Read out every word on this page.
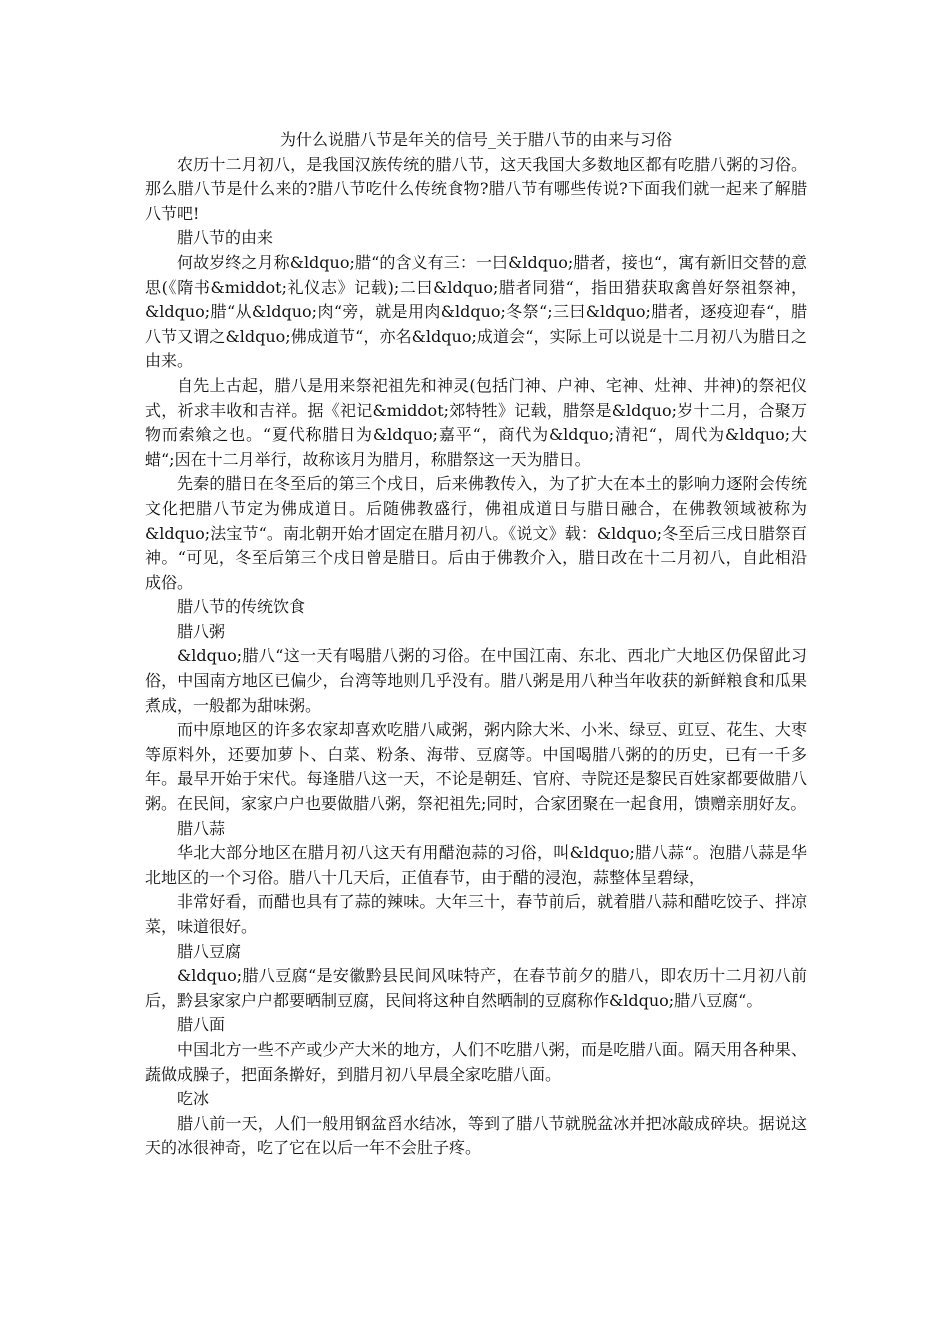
为什么说腊八节是年关的信号_关于腊八节的由来与习俗

农历十二月初八，是我国汉族传统的腊八节，这天我国大多数地区都有吃腊八粥的习俗。那么腊八节是什么来的?腊八节吃什么传统食物?腊八节有哪些传说?下面我们就一起来了解腊八节吧!

腊八节的由来

何故岁终之月称&ldquo;腊“的含义有三：一曰&ldquo;腊者，接也“，寓有新旧交替的意思(《隋书&middot;礼仪志》记载);二曰&ldquo;腊者同猎“，指田猎获取禽兽好祭祖祭神，&ldquo;腊“从&ldquo;肉“旁，就是用肉&ldquo;冬祭“;三曰&ldquo;腊者，逐疫迎春“，腊八节又谓之&ldquo;佛成道节“，亦名&ldquo;成道会“，实际上可以说是十二月初八为腊日之由来。

自先上古起，腊八是用来祭祀祖先和神灵(包括门神、户神、宅神、灶神、井神)的祭祀仪式，祈求丰收和吉祥。据《祀记&middot;郊特牲》记载，腊祭是&ldquo;岁十二月，合聚万物而索飨之也。“夏代称腊日为&ldquo;嘉平“，商代为&ldquo;清祀“，周代为&ldquo;大蜡“;因在十二月举行，故称该月为腊月，称腊祭这一天为腊日。

先秦的腊日在冬至后的第三个戌日，后来佛教传入，为了扩大在本土的影响力逐附会传统文化把腊八节定为佛成道日。后随佛教盛行，佛祖成道日与腊日融合，在佛教领域被称为&ldquo;法宝节“。南北朝开始才固定在腊月初八。《说文》载：&ldquo;冬至后三戌日腊祭百神。“可见，冬至后第三个戌日曾是腊日。后由于佛教介入，腊日改在十二月初八，自此相沿成俗。

腊八节的传统饮食

腊八粥

&ldquo;腊八“这一天有喝腊八粥的习俗。在中国江南、东北、西北广大地区仍保留此习俗，中国南方地区已偏少，台湾等地则几乎没有。腊八粥是用八种当年收获的新鲜粮食和瓜果煮成，一般都为甜味粥。

而中原地区的许多农家却喜欢吃腊八咸粥，粥内除大米、小米、绿豆、豇豆、花生、大枣等原料外，还要加萝卜、白菜、粉条、海带、豆腐等。中国喝腊八粥的的历史，已有一千多年。最早开始于宋代。每逢腊八这一天，不论是朝廷、官府、寺院还是黎民百姓家都要做腊八粥。在民间，家家户户也要做腊八粥，祭祀祖先;同时，合家团聚在一起食用，馈赠亲朋好友。

腊八蒜

华北大部分地区在腊月初八这天有用醋泡蒜的习俗，叫&ldquo;腊八蒜“。泡腊八蒜是华北地区的一个习俗。腊八十几天后，正值春节，由于醋的浸泡，蒜整体呈碧绿，

非常好看，而醋也具有了蒜的辣味。大年三十，春节前后，就着腊八蒜和醋吃饺子、拌凉菜，味道很好。

腊八豆腐

&ldquo;腊八豆腐“是安徽黔县民间风味特产，在春节前夕的腊八，即农历十二月初八前后，黔县家家户户都要晒制豆腐，民间将这种自然晒制的豆腐称作&ldquo;腊八豆腐“。

腊八面

中国北方一些不产或少产大米的地方，人们不吃腊八粥，而是吃腊八面。隔天用各种果、蔬做成臊子，把面条擀好，到腊月初八早晨全家吃腊八面。

吃冰

腊八前一天，人们一般用钢盆舀水结冰，等到了腊八节就脱盆冰并把冰敲成碎块。据说这天的冰很神奇，吃了它在以后一年不会肚子疼。
